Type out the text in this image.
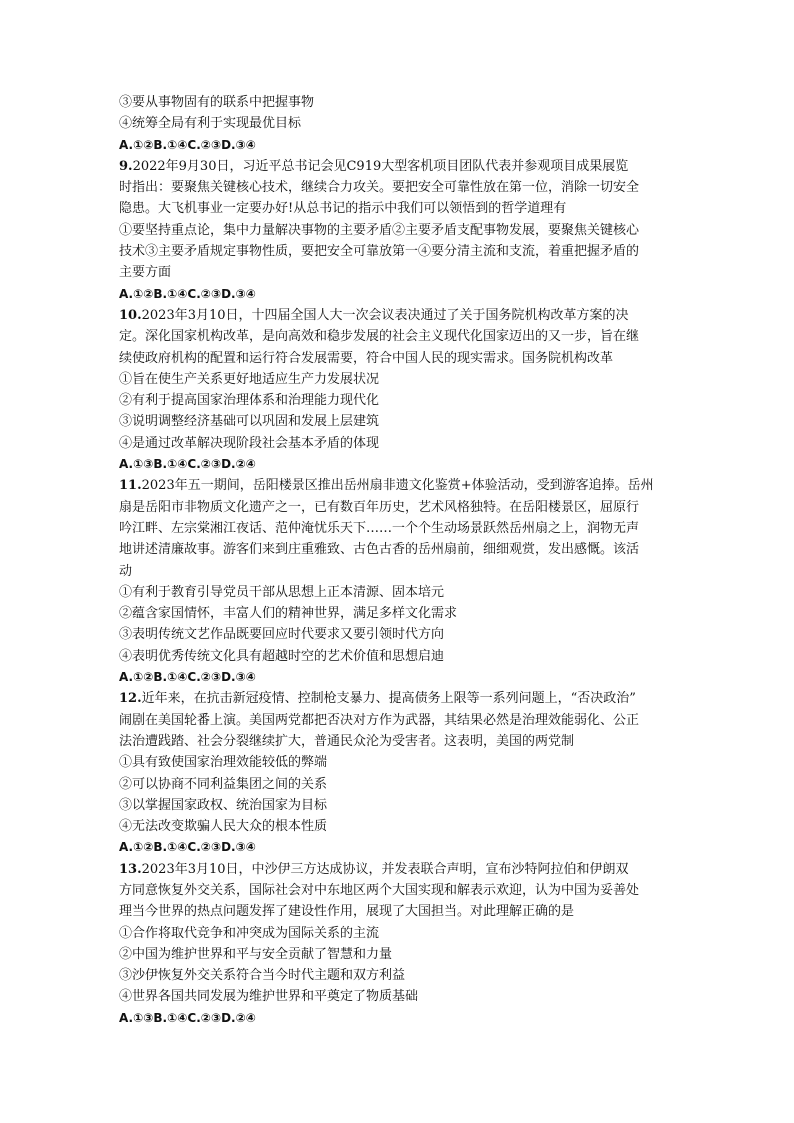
③要从事物固有的联系中把握事物
④统筹全局有利于实现最优目标
A.①②B.①④C.②③D.③④
9.2022年9月30日，习近平总书记会见C919大型客机项目团队代表并参观项目成果展览
时指出：要聚焦关键核心技术，继续合力攻关。要把安全可靠性放在第一位，消除一切安全
隐患。大飞机事业一定要办好!从总书记的指示中我们可以领悟到的哲学道理有
①要坚持重点论，集中力量解决事物的主要矛盾②主要矛盾支配事物发展，要聚焦关键核心
技术③主要矛盾规定事物性质，要把安全可靠放第一④要分清主流和支流，着重把握矛盾的
主要方面
A.①②B.①④C.②③D.③④
10.2023年3月10日，十四届全国人大一次会议表决通过了关于国务院机构改革方案的决
定。深化国家机构改革，是向高效和稳步发展的社会主义现代化国家迈出的又一步，旨在继
续使政府机构的配置和运行符合发展需要，符合中国人民的现实需求。国务院机构改革
①旨在使生产关系更好地适应生产力发展状况
②有利于提高国家治理体系和治理能力现代化
③说明调整经济基础可以巩固和发展上层建筑
④是通过改革解决现阶段社会基本矛盾的体现
A.①③B.①④C.②③D.②④
11.2023年五一期间，岳阳楼景区推出岳州扇非遗文化鉴赏+体验活动，受到游客追捧。岳州
扇是岳阳市非物质文化遗产之一，已有数百年历史，艺术风格独特。在岳阳楼景区，屈原行
吟江畔、左宗棠湘江夜话、范仲淹忧乐天下……一个个生动场景跃然岳州扇之上，润物无声
地讲述清廉故事。游客们来到庄重雅致、古色古香的岳州扇前，细细观赏，发出感慨。该活
动
①有利于教育引导党员干部从思想上正本清源、固本培元
②蕴含家国情怀，丰富人们的精神世界，满足多样文化需求
③表明传统文艺作品既要回应时代要求又要引领时代方向
④表明优秀传统文化具有超越时空的艺术价值和思想启迪
A.①②B.①④C.②③D.③④
12.近年来，在抗击新冠疫情、控制枪支暴力、提高债务上限等一系列问题上，“否决政治”
闹剧在美国轮番上演。美国两党都把否决对方作为武器，其结果必然是治理效能弱化、公正
法治遭践踏、社会分裂继续扩大，普通民众沦为受害者。这表明，美国的两党制
①具有致使国家治理效能较低的弊端
②可以协商不同利益集团之间的关系
③以掌握国家政权、统治国家为目标
④无法改变欺骗人民大众的根本性质
A.①②B.①④C.②③D.③④
13.2023年3月10日，中沙伊三方达成协议，并发表联合声明，宣布沙特阿拉伯和伊朗双
方同意恢复外交关系，国际社会对中东地区两个大国实现和解表示欢迎，认为中国为妥善处
理当今世界的热点问题发挥了建设性作用，展现了大国担当。对此理解正确的是
①合作将取代竞争和冲突成为国际关系的主流
②中国为维护世界和平与安全贡献了智慧和力量
③沙伊恢复外交关系符合当今时代主题和双方利益
④世界各国共同发展为维护世界和平奠定了物质基础
A.①③B.①④C.②③D.②④
